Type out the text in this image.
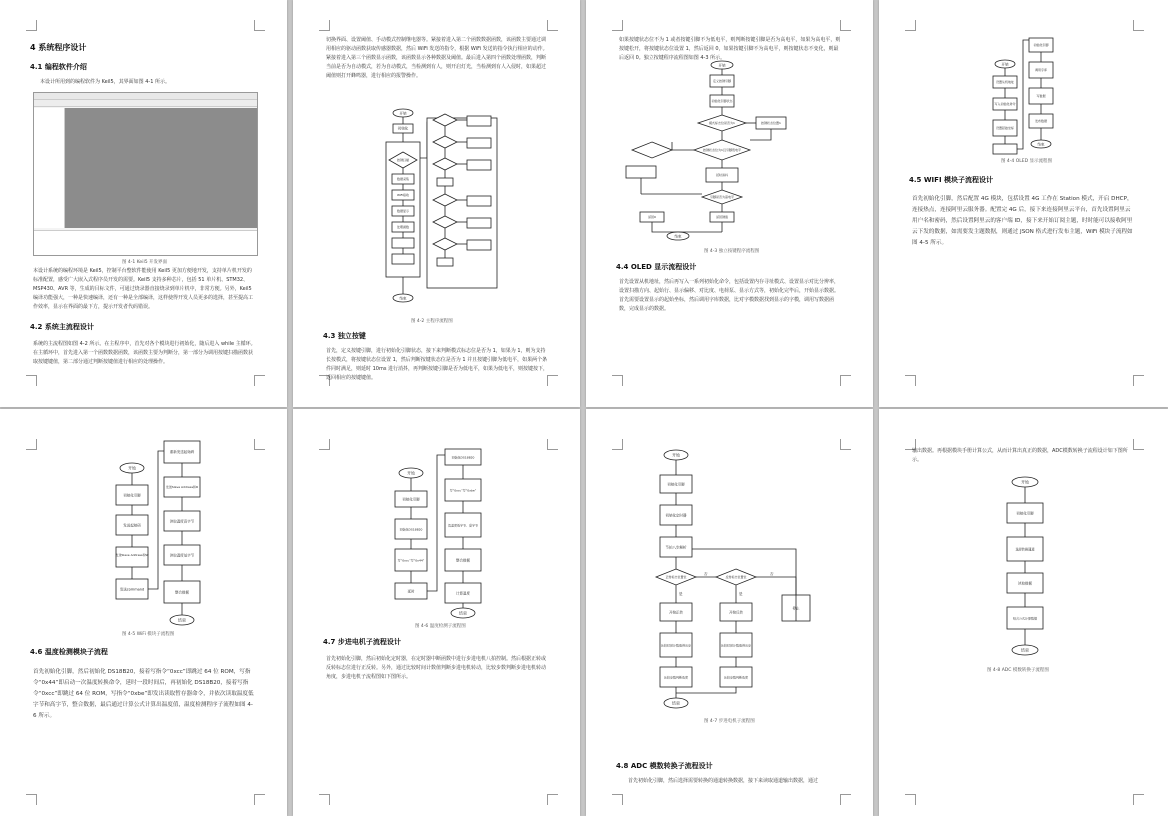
4 系统程序设计
4.1 编程软件介绍
本设计所用到的编程软件为 Keil5，其界面如图 4-1 所示。
图 4-1 Keil5 开发界面
本设计系统的编程环境是 Keil5，控制平台整软件能使用 Keil5 更加方便地开发，支持单片机开发的标准配置，感受广大嵌入式程序员开发的需要。Keil5 支持多种芯片，包括 51 单片机、STM32、MSP430、AVR 等，生成的目标文件，可通过烧录器直接烧录到单片机中，非常方便。另外，Keil5 编译功能强大，一种是快速编译，还有一种是全部编译，这样使得开发人员更多的选择，甚至提高工作效率，显示在界面的最下方，提示开发者代码错误。
4.2 系统主流程设计
系统的主流程图如图 4-2 所示。在主程序中，首先对各个模块进行初始化，随后进入 while 主循环。在主循环中，首先进入第一个函数数据函数，该函数主要为判断分，第一部分为调用按键扫描函数获取按键键值，第二部分通过判断按键值进行相应的处理操作。
切换界面、设置阈值、手动模式控制继电器等。紧接着进入第二个函数数据函数，该函数主要通过调用相应的驱动函数获取传感器数据，然后 WiFi 发送的指令，根据 WiFi 发送的指令执行相应的动作。紧接着进入第三个函数显示函数，该函数显示各种数据及阈值。最后进入第四个函数处理函数，判断当前是否为自动模式，若为自动模式，当检测到有人，则开启灯光，当检测到有人入侵时，如果超过阈值则打开蜂鸣器，进行相应的报警操作。
开始
初始化
按键扫描
数据采集
WiFi接收
数据显示
处理函数
结束
图 4-2 主程序流程图
4.3 独立按键
首先，定义按键引脚，进行初始化引脚状态，接下来判断模式标志位是否为 1，如果为 1，则为支持长按模式，将按键状态位设置 1，然后判断按键状态位是否为 1 并且按键引脚为低电平，如果两个条件同时满足，则延时 10ms 进行消抖，再判断按键引脚是否为低电平，如果为低电平，则按键按下，返回相应的按键键值。
如果按键状态位不为 1 或者按键引脚不为低电平，则判断按键引脚是否为高电平，如果为高电平，则按键松开，将按键状态位设置 1，然后返回 0，如果按键引脚不为高电平，则按键状态不变化，则最后返回 0。独立按键程序流程图如图 4-3 所示。
开始
定义按键引脚
初始化引脚状态
模式标志位是否为1	按键状态位置1
按键状态位为1且引脚低电平
延时消抖
引脚是否为高电平
返回键值
返回0
结束
图 4-3 独立按键程序流程图
4.4 OLED 显示流程设计
首先设置从机地址，然后再写入一系列初始化命令，包括设置内存寻址模式、设置显示对比分辨率，设置扫描方向、起始行、显示偏移、对比度、电荷泵、显示方式等，初始化完毕后，开始显示数据。首先需要设置显示的起始坐标，然后调用字库数据，比对字模数据找到显示的字模，调用写数据函数，完成显示的数据。
开始
设置从机地址
写入初始化命令
设置起始坐标
初始化引脚
调用字库
写数据
发布数据
结束
图 4-4 OLED 显示流程图
4.5 WIFI 模块子流程设计
首先初始化引脚，然后配置 4G 模块，包括设置 4G 工作在 Station 模式，开启 DHCP，连接热点，连接阿里云服务器。配置完 4G 后，接下来连接阿里云平台，首先设置阿里云用户名和密码，然后设置阿里云的客户端 ID，接下来开始订阅主题，时时能可以接收阿里云下发的数据，如需要发主题数据，则通过 JSON 格式进行发布主题，WiFi 模块子流程如图 4-5 所示。
开始
初始化引脚
发送起始码
发送Slave Address和W
发送command
重新发送起始码
发送Slave Address和R
读取温度高字节
读取温度低字节
整合数据
结束
图 4-5 WiFi 模块子流程图
4.6 温度检测模块子流程
首先初始化引脚，然后初始化 DS18B20，接着写指令“0xcc”即跳过 64 位 ROM，写指令“0x44”即启动一次温度转换命令，延时一段时间后，再初始化 DS18B20，接着写指令“0xcc”即跳过 64 位 ROM，写指令“0xbe”即发出读取暂存器命令，并依次读取温度低字节和高字节，整合数据，最后通过计算公式计算出温度值，温度检测程序子流程如图 4-6 所示。
开始
初始化引脚
初始化DS18B20
写“0xcc”写“0x44”
延时
初始化DS18B20
写“0xcc”写“0xbe”
读温度低字节、高字节
整合数据
计算温度
结束
图 4-6 温度检测子流程图
4.7 步进电机子流程设计
首先初始化引脚，然后初始化定时器，在定时器中断函数中进行步进电机八拍控制。然后根据正转或反转标志位进行正反转。另外，通过比较时间计数值判断步进电机转动，比较步数判断步进电机转动角度，步进电机子流程图如下图所示。
开始
初始化引脚
初始化定时器
节拍八步解析
正转标志位置位
否
反转标志位置位
否
是	是
开始正转	开始反转
停止
比较时间计数值得出步	比较时间计数值得出步
比较步数判断角度	比较步数判断角度
结束
图 4-7 步进电机子流程图
4.8 ADC 模数转换子流程设计
首先初始化引脚，然后选择需要转换的通道转换数据，接下来读取通道输出数据，通过
输出数据。再根据模块手册计算公式，从而计算出真正的数据，ADC模数转换子流程设计如下图所示。
开始
初始化引脚
选择转换通道
读取数据
结合公式计算数据
结束
图 4-8 ADC 模数转换子流程图
